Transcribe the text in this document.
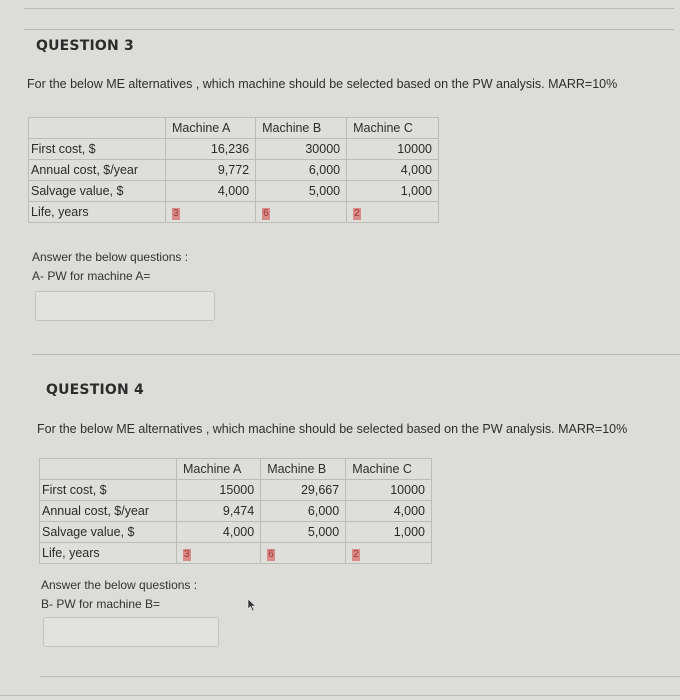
QUESTION 3
For the below ME alternatives , which machine should be selected based on the PW analysis. MARR=10%
	Machine A	Machine B	Machine C
First cost, $	16,236	30000	10000
Annual cost, $/year	9,772	6,000	4,000
Salvage value, $	4,000	5,000	1,000
Life, years	3	6	2
Answer the below questions :
A- PW for machine A=
QUESTION 4
For the below ME alternatives , which machine should be selected based on the PW analysis. MARR=10%
	Machine A	Machine B	Machine C
First cost, $	15000	29,667	10000
Annual cost, $/year	9,474	6,000	4,000
Salvage value, $	4,000	5,000	1,000
Life, years	3	6	2
Answer the below questions :
B- PW for machine B=
